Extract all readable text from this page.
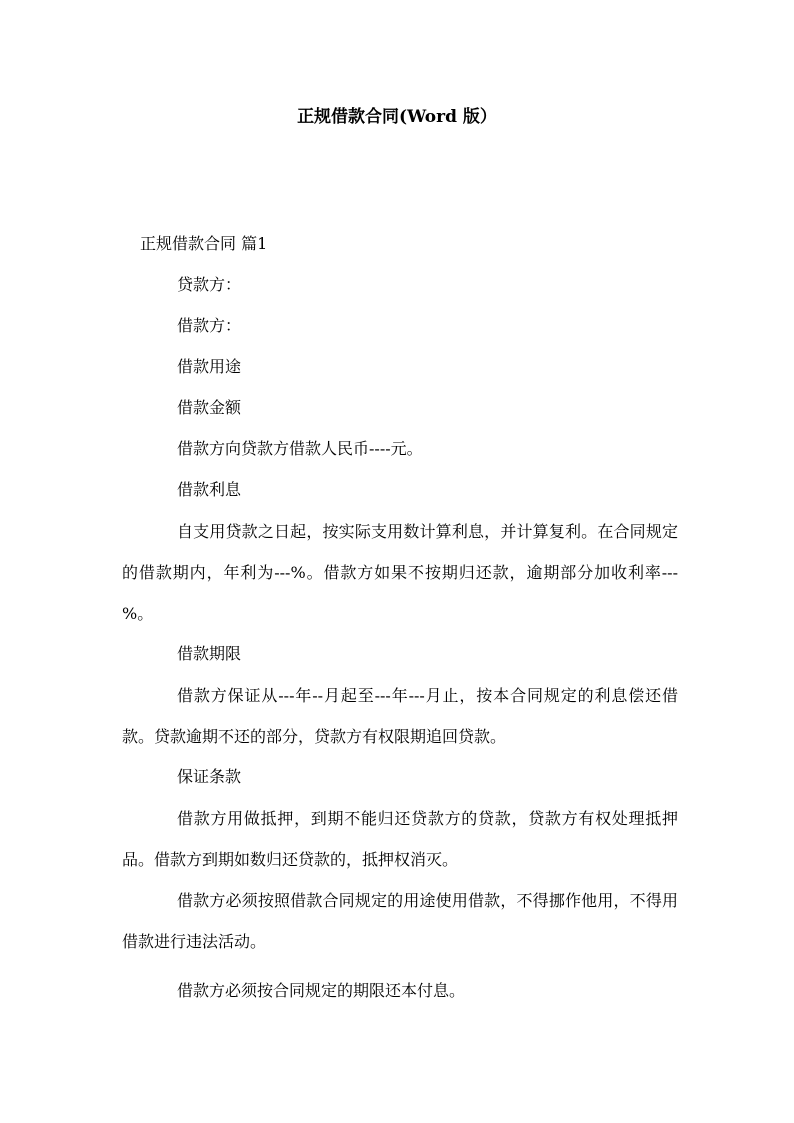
正规借款合同(Word 版）
正规借款合同 篇1
贷款方：
借款方：
借款用途
借款金额
借款方向贷款方借款人民币----元。
借款利息
自支用贷款之日起，按实际支用数计算利息，并计算复利。在合同规定的借款期内，年利为---%。借款方如果不按期归还款，逾期部分加收利率---%。
借款期限
借款方保证从---年--月起至---年---月止，按本合同规定的利息偿还借款。贷款逾期不还的部分，贷款方有权限期追回贷款。
保证条款
借款方用做抵押，到期不能归还贷款方的贷款，贷款方有权处理抵押品。借款方到期如数归还贷款的，抵押权消灭。
借款方必须按照借款合同规定的用途使用借款，不得挪作他用，不得用借款进行违法活动。
借款方必须按合同规定的期限还本付息。
